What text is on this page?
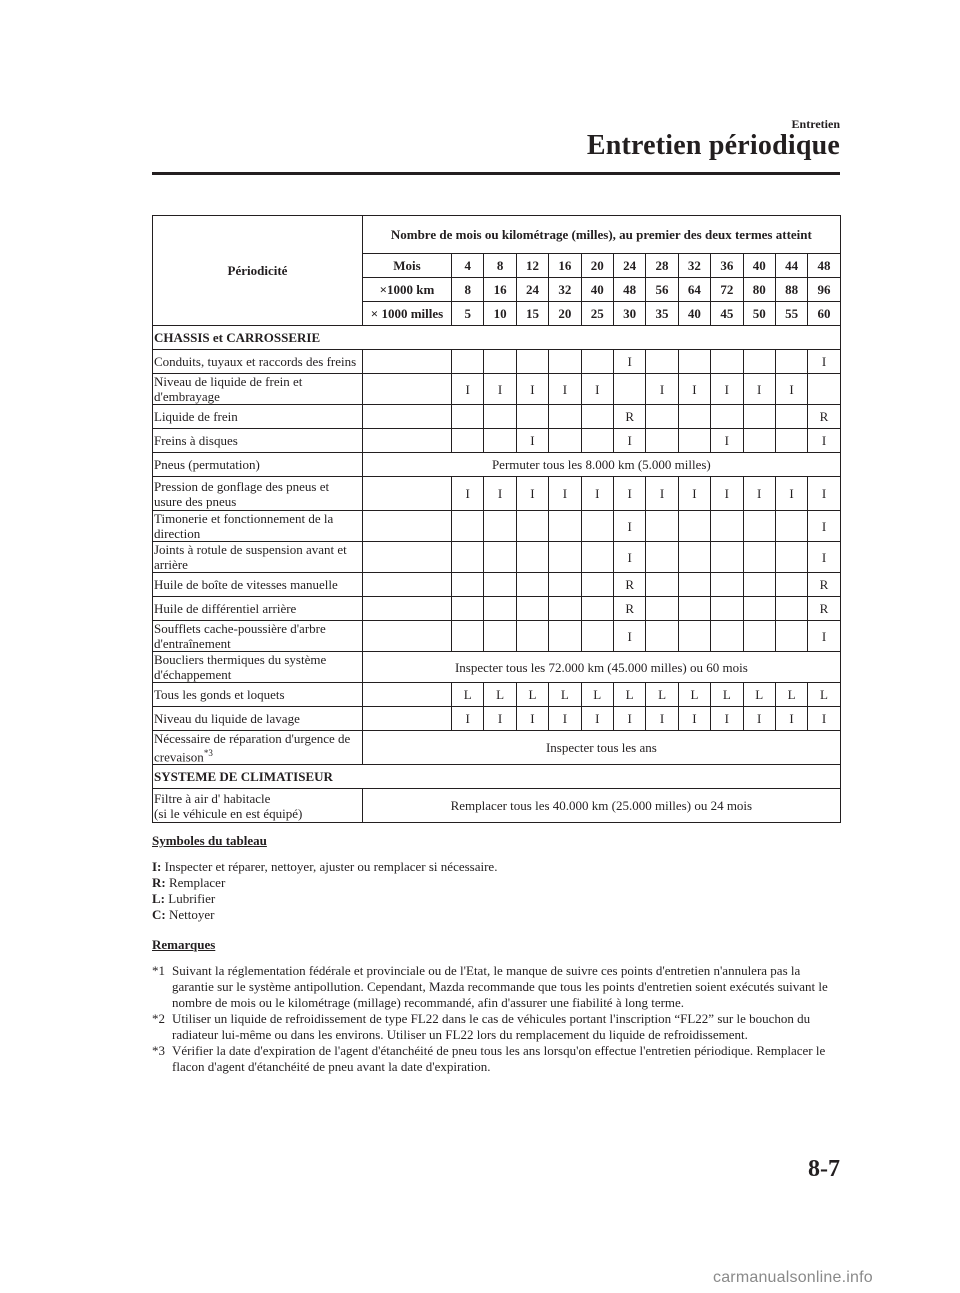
Entretien
Entretien périodique
Périodicité	Nombre de mois ou kilométrage (milles), au premier des deux termes atteint												
	Mois	4	8	12	16	20	24	28	32	36	40	44	48
	×1000 km	8	16	24	32	40	48	56	64	72	80	88	96
	× 1000 milles	5	10	15	20	25	30	35	40	45	50	55	60
CHASSIS et CARROSSERIE													
Conduits, tuyaux et raccords des freins							I						I
Niveau de liquide de frein et d'embrayage		I	I	I	I	I		I	I	I	I	I	
Liquide de frein							R						R
Freins à disques				I			I			I			I
Pneus (permutation)	Permuter tous les 8.000 km (5.000 milles)												
Pression de gonflage des pneus et usure des pneus		I	I	I	I	I	I	I	I	I	I	I	I
Timonerie et fonctionnement de la direction							I						I
Joints à rotule de suspension avant et arrière							I						I
Huile de boîte de vitesses manuelle							R						R
Huile de différentiel arrière							R						R
Soufflets cache-poussière d'arbre d'entraînement							I						I
Boucliers thermiques du système d'échappement	Inspecter tous les 72.000 km (45.000 milles) ou 60 mois												
Tous les gonds et loquets		L	L	L	L	L	L	L	L	L	L	L	L
Niveau du liquide de lavage		I	I	I	I	I	I	I	I	I	I	I	I
Nécessaire de réparation d'urgence de crevaison$^{*3}$	Inspecter tous les ans												
SYSTEME DE CLIMATISEUR													
Filtre à air d' habitacle
(si le véhicule en est équipé)	Remplacer tous les 40.000 km (25.000 milles) ou 24 mois												
Symboles du tableau
I: Inspecter et réparer, nettoyer, ajuster ou remplacer si nécessaire.
R: Remplacer
L: Lubrifier
C: Nettoyer
Remarques
*1 Suivant la réglementation fédérale et provinciale ou de l'Etat, le manque de suivre ces points d'entretien n'annulera pas la garantie sur le système antipollution. Cependant, Mazda recommande que tous les points d'entretien soient exécutés suivant le nombre de mois ou le kilométrage (millage) recommandé, afin d'assurer une fiabilité à long terme.
*2 Utiliser un liquide de refroidissement de type FL22 dans le cas de véhicules portant l'inscription “FL22” sur le bouchon du radiateur lui-même ou dans les environs. Utiliser un FL22 lors du remplacement du liquide de refroidissement.
*3 Vérifier la date d'expiration de l'agent d'étanchéité de pneu tous les ans lorsqu'on effectue l'entretien périodique. Remplacer le flacon d'agent d'étanchéité de pneu avant la date d'expiration.
8-7
carmanualsonline.info
